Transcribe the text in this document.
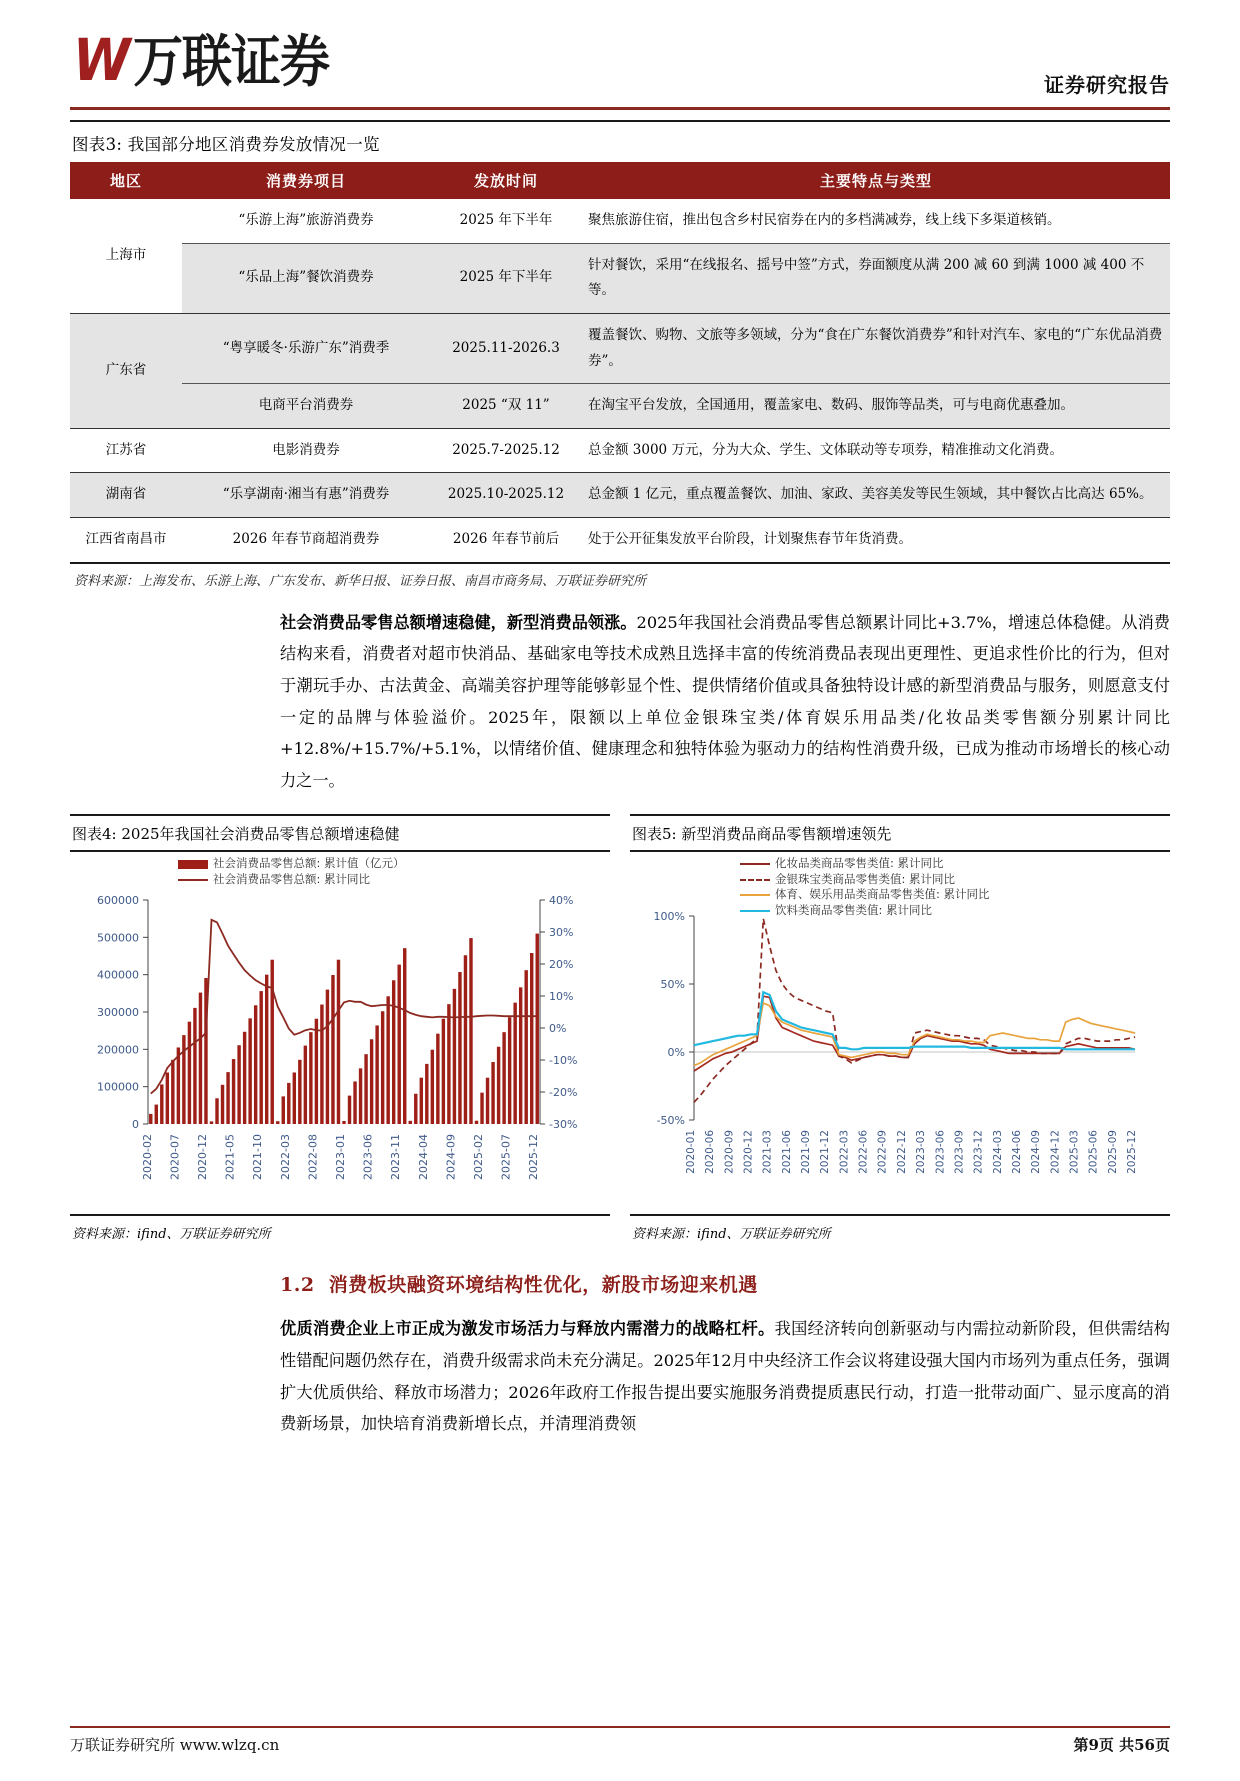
W 万联证券	证券研究报告
图表3: 我国部分地区消费券发放情况一览
地区	消费券项目	发放时间	主要特点与类型
上海市	“乐游上海”旅游消费券	2025 年下半年	聚焦旅游住宿，推出包含乡村民宿券在内的多档满减券，线上线下多渠道核销。
	“乐品上海”餐饮消费券	2025 年下半年	针对餐饮，采用“在线报名、摇号中签”方式，券面额度从满 200 减 60 到满 1000 减 400 不等。
广东省	“粤享暖冬·乐游广东”消费季	2025.11-2026.3	覆盖餐饮、购物、文旅等多领域，分为“食在广东餐饮消费券”和针对汽车、家电的“广东优品消费券”。
	电商平台消费券	2025 “双 11”	在淘宝平台发放，全国通用，覆盖家电、数码、服饰等品类，可与电商优惠叠加。
江苏省	电影消费券	2025.7-2025.12	总金额 3000 万元，分为大众、学生、文体联动等专项券，精准推动文化消费。
湖南省	“乐享湖南·湘当有惠”消费券	2025.10-2025.12	总金额 1 亿元，重点覆盖餐饮、加油、家政、美容美发等民生领域，其中餐饮占比高达 65%。
江西省南昌市	2026 年春节商超消费券	2026 年春节前后	处于公开征集发放平台阶段，计划聚焦春节年货消费。
资料来源：上海发布、乐游上海、广东发布、新华日报、证券日报、南昌市商务局、万联证券研究所
社会消费品零售总额增速稳健，新型消费品领涨。2025年我国社会消费品零售总额累计同比+3.7%，增速总体稳健。从消费结构来看，消费者对超市快消品、基础家电等技术成熟且选择丰富的传统消费品表现出更理性、更追求性价比的行为，但对于潮玩手办、古法黄金、高端美容护理等能够彰显个性、提供情绪价值或具备独特设计感的新型消费品与服务，则愿意支付一定的品牌与体验溢价。2025年，限额以上单位金银珠宝类/体育娱乐用品类/化妆品类零售额分别累计同比+12.8%/+15.7%/+5.1%，以情绪价值、健康理念和独特体验为驱动力的结构性消费升级，已成为推动市场增长的核心动力之一。
图表4: 2025年我国社会消费品零售总额增速稳健
社会消费品零售总额: 累计值（亿元）
社会消费品零售总额: 累计同比
0
100000
200000
300000
400000
500000
600000
-30%
-20%
-10%
0%
10%
20%
30%
40%
2020-02 2020-07 2020-12 2021-05 2021-10 2022-03 2022-08 2023-01 2023-06 2023-11 2024-04 2024-09 2025-02 2025-07 2025-12
资料来源：ifind、万联证券研究所
图表5: 新型消费品商品零售额增速领先
化妆品类商品零售类值: 累计同比
金银珠宝类商品零售类值: 累计同比
体育、娱乐用品类商品零售类值: 累计同比
饮料类商品零售类值: 累计同比
-50%
0%
50%
100%
2020-01 2020-06 2020-09 2020-12 2021-03 2021-06 2021-09 2021-12 2022-03 2022-06 2022-09 2022-12 2023-03 2023-06 2023-09 2023-12 2024-03 2024-06 2024-09 2024-12 2025-03 2025-06 2025-09 2025-12
资料来源：ifind、万联证券研究所
1.2 消费板块融资环境结构性优化，新股市场迎来机遇
优质消费企业上市正成为激发市场活力与释放内需潜力的战略杠杆。我国经济转向创新驱动与内需拉动新阶段，但供需结构性错配问题仍然存在，消费升级需求尚未充分满足。2025年12月中央经济工作会议将建设强大国内市场列为重点任务，强调扩大优质供给、释放市场潜力；2026年政府工作报告提出要实施服务消费提质惠民行动，打造一批带动面广、显示度高的消费新场景，加快培育消费新增长点，并清理消费领
万联证券研究所 www.wlzq.cn	第9页 共56页
